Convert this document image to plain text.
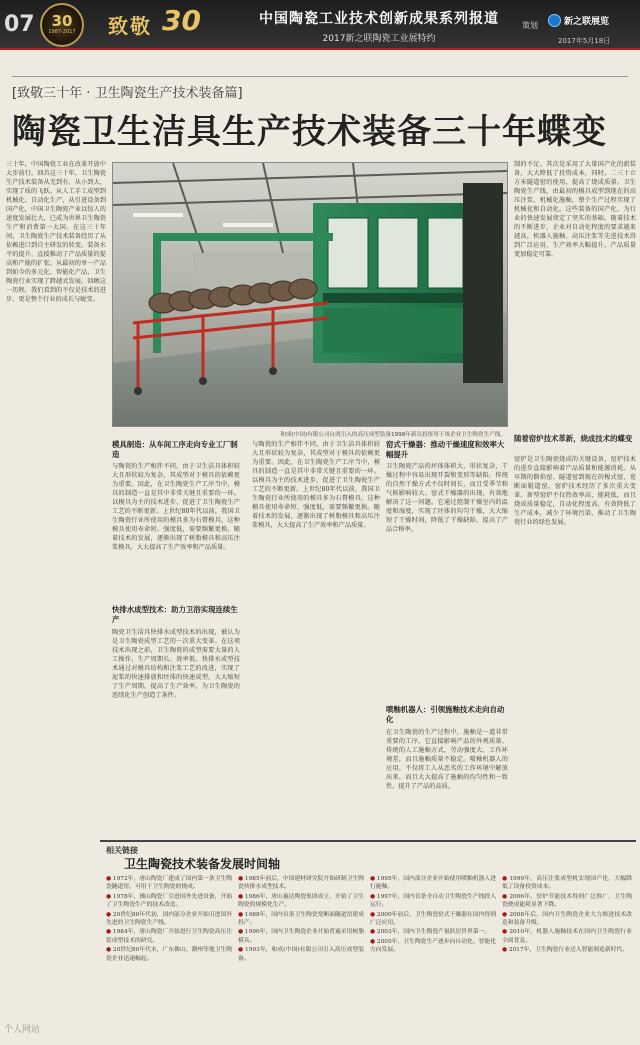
07 30
1987-2017 致敬 30	中国陶瓷工业技术创新成果系列报道
2017新之联陶瓷工业展特约
策划	新之联展览
2017年5月18日
[致敬三十年 · 卫生陶瓷生产技术装备篇]
陶瓷卫生洁具生产技术装备三十年蝶变
三十年，中国陶瓷工业在改革开放中大步前行。回首这三十年，卫生陶瓷生产技术装备从无到有、从小到大，实现了质的飞跃。从人工手工成型到机械化、自动化生产，从引进设备到国产化，中国卫生陶瓷产业以惊人的速度发展壮大，已成为世界卫生陶瓷生产和消费第一大国。在这三十年间，卫生陶瓷生产技术装备经历了从依赖进口到自主研发的转变。装备水平的提升，直接推动了产品质量的提高和产能的扩张。从最初的单一产品到如今的多元化、智能化产品，卫生陶瓷行业实现了跨越式发展。回顾这一历程，我们看到的不仅是技术的进步，更是整个行业的成长与蜕变。
和成(中国)有限公司台湾引入的高压成型装备1998年新员投资用于该企业卫生陶瓷生产线。
制的不足。其次是采用了大量国产化的新装备，大大降低了投资成本，同时，二三十立方米隧道窑的使用，提高了烧成质量。卫生陶瓷生产线，由最初的模具成型到现在的高压注浆、机械化施釉，整个生产过程实现了机械化和自动化。这些装备的国产化，为行业的快速发展奠定了坚实的基础。随着技术的不断进步，企业对自动化程度的要求越来越高，机器人施釉、高压注浆等先进技术得到广泛应用，生产效率大幅提升，产品质量更加稳定可靠。
模具制造：从车间工序走向专业工厂制造
与陶瓷的生产相伴不同，由于卫生洁具体积较大且形状较为复杂，其成型对于模具的依赖更为重要。因此，在卫生陶瓷生产工序当中，模具的制造一直是其中非常关键且重要的一环。以模具为主的技术进步，促进了卫生陶瓷生产工艺的不断更新。上世纪80年代以前，我国卫生陶瓷行业所使用的模具多为石膏模具，这种模具使用寿命短、强度低，需要频繁更换。随着技术的发展，逐渐出现了树脂模具和高压注浆模具，大大提高了生产效率和产品质量。
快排水成型技术：助力卫浴实现连续生产
陶瓷卫生洁具快排水成型技术的出现，被认为是卫生陶瓷成型工艺的一次重大变革。在这项技术出现之前，卫生陶瓷的成型需要大量的人工操作，生产周期长、效率低。快排水成型技术通过对模具结构和注浆工艺的改进，实现了泥浆的快速排放和坯体的快速成型，大大缩短了生产周期，提高了生产效率，为卫生陶瓷的连续化生产创造了条件。
与陶瓷的生产相伴不同，由于卫生洁具体积较大且形状较为复杂，其成型对于模具的依赖更为重要。因此，在卫生陶瓷生产工序当中，模具的制造一直是其中非常关键且重要的一环。以模具为主的技术进步，促进了卫生陶瓷生产工艺的不断更新。上世纪80年代以前，我国卫生陶瓷行业所使用的模具多为石膏模具，这种模具使用寿命短、强度低，需要频繁更换。随着技术的发展，逐渐出现了树脂模具和高压注浆模具，大大提高了生产效率和产品质量。
窑式干燥器：推动干燥速度和效率大幅提升
卫生陶瓷产品的坯体体积大、形状复杂，干燥过程中容易出现开裂和变形等缺陷。传统的自然干燥方式不仅时间长，而且受季节和气候影响较大。窑式干燥器的出现，有效地解决了这一问题。它通过控制干燥室内的温度和湿度，实现了坯体的均匀干燥，大大缩短了干燥时间，降低了干燥缺陷，提高了产品合格率。
喷釉机器人：引领施釉技术走向自动化
在卫生陶瓷的生产过程中，施釉是一道非常重要的工序，它直接影响产品的外观质量。传统的人工施釉方式，劳动强度大、工作环境差，而且施釉质量不稳定。喷釉机器人的应用，不仅将工人从恶劣的工作环境中解放出来，而且大大提高了施釉的均匀性和一致性，提升了产品的品质。
随着窑炉技术革新，烧成技术的蝶变
窑炉是卫生陶瓷烧成的关键设备，窑炉技术的进步直接影响着产品质量和能源消耗。从早期的倒焰窑、隧道窑到现在的梭式窑、宽断面辊道窑，窑炉技术经历了多次重大变革。新型窑炉不仅热效率高、能耗低，而且烧成质量稳定，自动化程度高，有效降低了生产成本，减少了环境污染，推动了卫生陶瓷行业的绿色发展。
相关链接
卫生陶瓷技术装备发展时间轴
● 1972年，唐山陶瓷厂建成了国内第一条卫生陶瓷隧道窑，可用于卫生陶瓷的烧成。
● 1978年，佛山陶瓷厂引进国外先进设备，开始了卫生陶瓷生产的技术改造。
● 20世纪80年代初，国内部分企业开始引进国外先进的卫生陶瓷生产线。
● 1984年，唐山陶瓷厂开始进行卫生陶瓷高压注浆成型技术的研究。
● 20世纪80年代末，广东佛山、潮州等地卫生陶瓷企业迅速崛起。
● 1985年前后，中国建材研究院开始研制卫生陶瓷快排水成型技术。
● 1986年，唐山惠达陶瓷集团成立，开始了卫生陶瓷的规模化生产。
● 1988年，国内首条卫生陶瓷宽断面隧道窑建成投产。
● 1990年，国内卫生陶瓷企业开始普遍采用树脂模具。
● 1993年，和成(中国)有限公司引入高压成型装备。
● 1995年，国内部分企业开始使用喷釉机器人进行施釉。
● 1997年，国内首条全自动卫生陶瓷生产线投入运行。
● 2000年前后，卫生陶瓷窑式干燥器在国内得到广泛应用。
● 2003年，国内卫生陶瓷产量跃居世界第一。
● 2005年，卫生陶瓷生产逐步向自动化、智能化方向发展。
● 1999年，高压注浆成型机实现国产化，大幅降低了设备投资成本。
● 2006年，窑炉节能技术得到广泛推广，卫生陶瓷烧成能耗显著下降。
● 2008年后，国内卫生陶瓷企业大力推进技术改造和装备升级。
● 2010年，机器人施釉技术在国内卫生陶瓷行业全面普及。
● 2017年，卫生陶瓷行业迈入智能制造新时代。
个人网站
